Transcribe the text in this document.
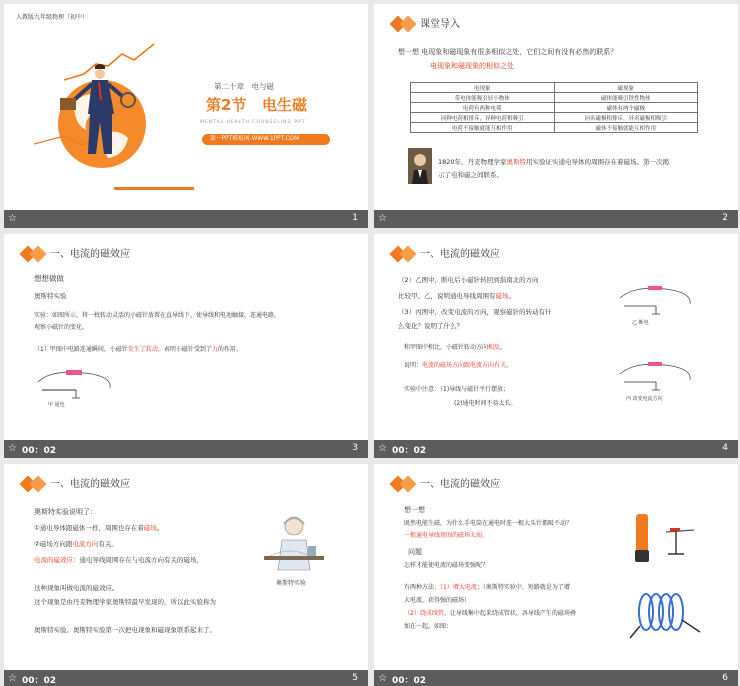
人教版九年级物理（初中）
第二十章　电与磁
第2节 电生磁
MENTAL HEALTH COUNSELING PPT
第一PPT模板网-WWW.1PPT.COM
☆	1
课堂导入
想一想 电现象和磁现象有很多相似之处，它们之间有没有必然的联系？
电现象和磁现象的相似之处
电现象	磁现象
带电体能吸引轻小物体	磁体能吸引铁性物体
电荷有两种电荷	磁体有两个磁极
同种电荷相排斥，异种电荷相吸引	同名磁极相排斥，异名磁极相吸引
电荷不接触就能互相作用	磁体不接触就能互相作用
1820年，丹麦物理学家奥斯特用实验证实通电导体的周围存在着磁场。第一次揭
示了电和磁之间联系。
☆	2
一、电流的磁效应
想想做做
奥斯特实验
实验：如图所示，将一枚转动灵活的小磁针放置在直导线下，使导线和电池触接，连通电路，
观察小磁针的变化。
（1）甲图中电路连通瞬间，小磁针发生了转动，表明小磁针受到了力的作用。
甲 通电
☆ 00：02	3
一、电流的磁效应
（2）乙图中，断电后小磁针转回到指南北的方向
比较甲、乙，说明通电导线周围有磁场。
（3）丙图中，改变电流的方向，观察磁针的转动有什
么变化？说明了什么？
和甲图中相比，小磁针转动方向相反。
说明：电流的磁场方向跟电流方向有关。
实验中注意：（1)导线与磁针平行摆放；
(2)通电时间不易太长。
乙 断电
丙 改变电流方向
☆ 00：02	4
一、电流的磁效应
奥斯特实验说明了：
①通电导体跟磁体一样，周围也存在着磁场。
②磁场方向跟电流方向有关。
电流的磁效应：通电导线周围存在与电流方向有关的磁场，
这种现象叫做电流的磁效应。
这个现象是由丹麦物理学家奥斯特最早发现的，所以此实验称为
奥斯特实验。奥斯特实验第一次把电现象和磁现象联系起来了。
奥斯特实验
☆ 00：02	5
一、电流的磁效应
想一想
既然电能生磁，为什么手电筒在通电时连一根大头针都吸不动？
一根通电导线周围的磁场太弱。
问题
怎样才能使电流的磁场变强呢？
有两种方法：（1）增大电流；（奥斯特实验中，短路就是为了增
大电流，获得强的磁场）
（2）绕成线管。让导线集中起来绕成管状，各导线产生的磁场叠
加在一起。如图：
☆ 00：02	6
